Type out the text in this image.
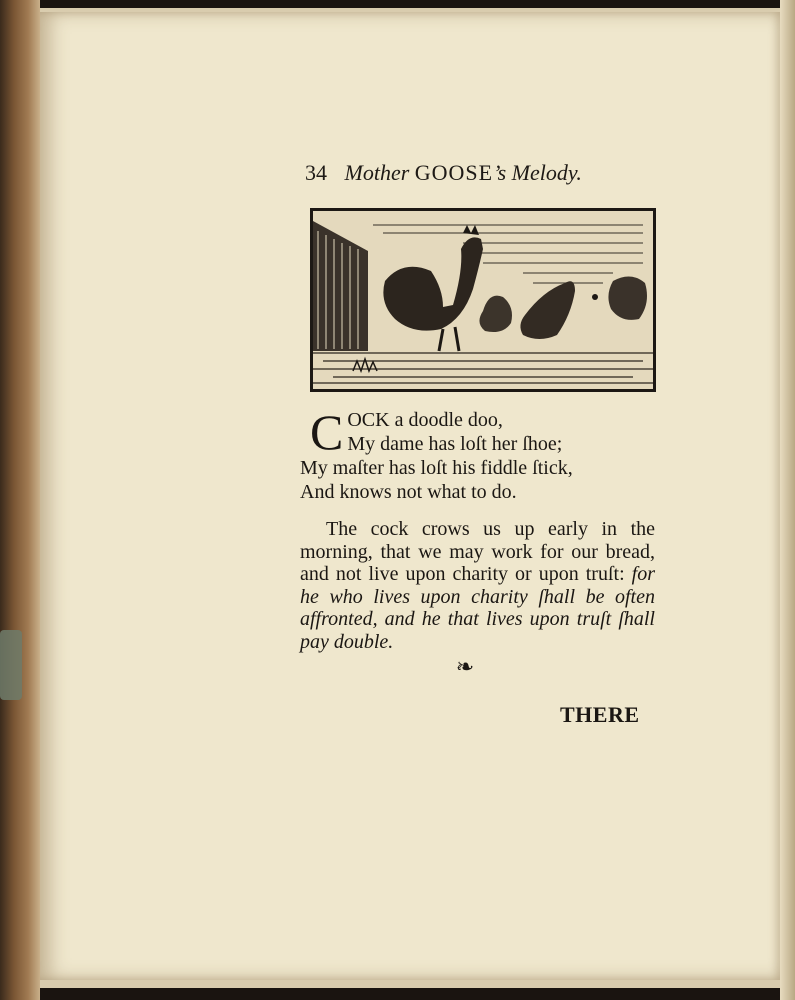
34 Mother GOOSE’s Melody.
C OCK a doodle doo,
My dame has loſt her ſhoe;
My maſter has loſt his fiddle ſtick,
And knows not what to do.
The cock crows us up early in the morning, that we may work for our bread, and not live upon charity or upon truſt: for he who lives upon charity ſhall be often affronted, and he that lives upon truſt ſhall pay double.
❧
THERE
